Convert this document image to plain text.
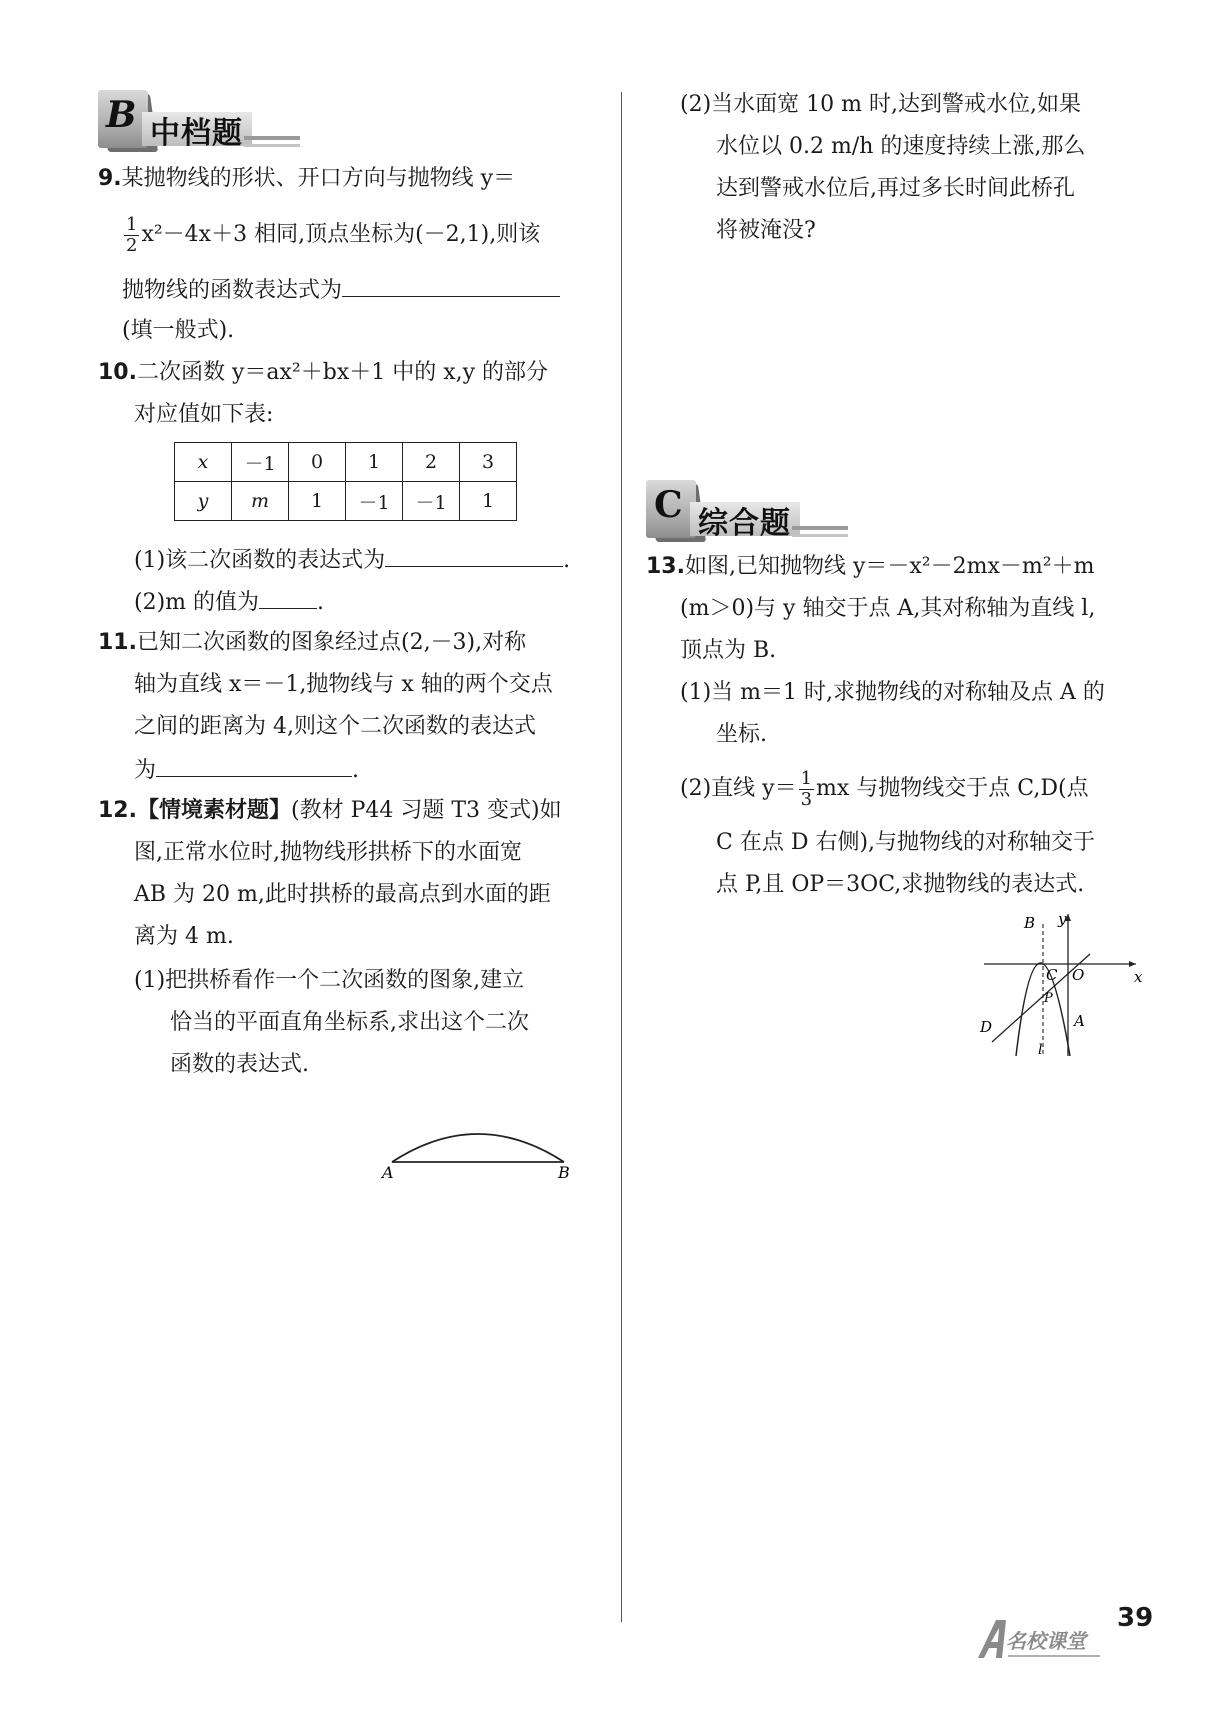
B 中档题
9.某抛物线的形状、开口方向与抛物线 y＝
$\frac{1}{2} x^2-4x+3$ 相同,顶点坐标为(－2,1),则该
抛物线的函数表达式为
(填一般式).
10.二次函数 y＝ax²＋bx＋1 中的 x,y 的部分
对应值如下表:
x	－1	0	1	2	3
y	m	1	－1	－1	1
(1)该二次函数的表达式为	.
(2)m 的值为	.
11.已知二次函数的图象经过点(2,－3),对称
轴为直线 x＝－1,抛物线与 x 轴的两个交点
之间的距离为 4,则这个二次函数的表达式
为	.
12.【情境素材题】(教材 P44 习题 T3 变式)如
图,正常水位时,抛物线形拱桥下的水面宽
AB 为 20 m,此时拱桥的最高点到水面的距
离为 4 m.
(1)把拱桥看作一个二次函数的图象,建立
恰当的平面直角坐标系,求出这个二次
函数的表达式.
A	B
(2)当水面宽 10 m 时,达到警戒水位,如果
水位以 0.2 m/h 的速度持续上涨,那么
达到警戒水位后,再过多长时间此桥孔
将被淹没?
C 综合题
13.如图,已知抛物线 y＝－x²－2mx－m²＋m
(m＞0)与 y 轴交于点 A,其对称轴为直线 l,
顶点为 B.
(1)当 m＝1 时,求抛物线的对称轴及点 A 的
坐标.
(2)直线 $y= \frac{1}{3}$ mx 与抛物线交于点 C,D(点
C 在点 D 右侧),与抛物线的对称轴交于
点 P,且 OP＝3OC,求抛物线的表达式.
B y
x
C O
P
D	A
l
名校课堂
39
